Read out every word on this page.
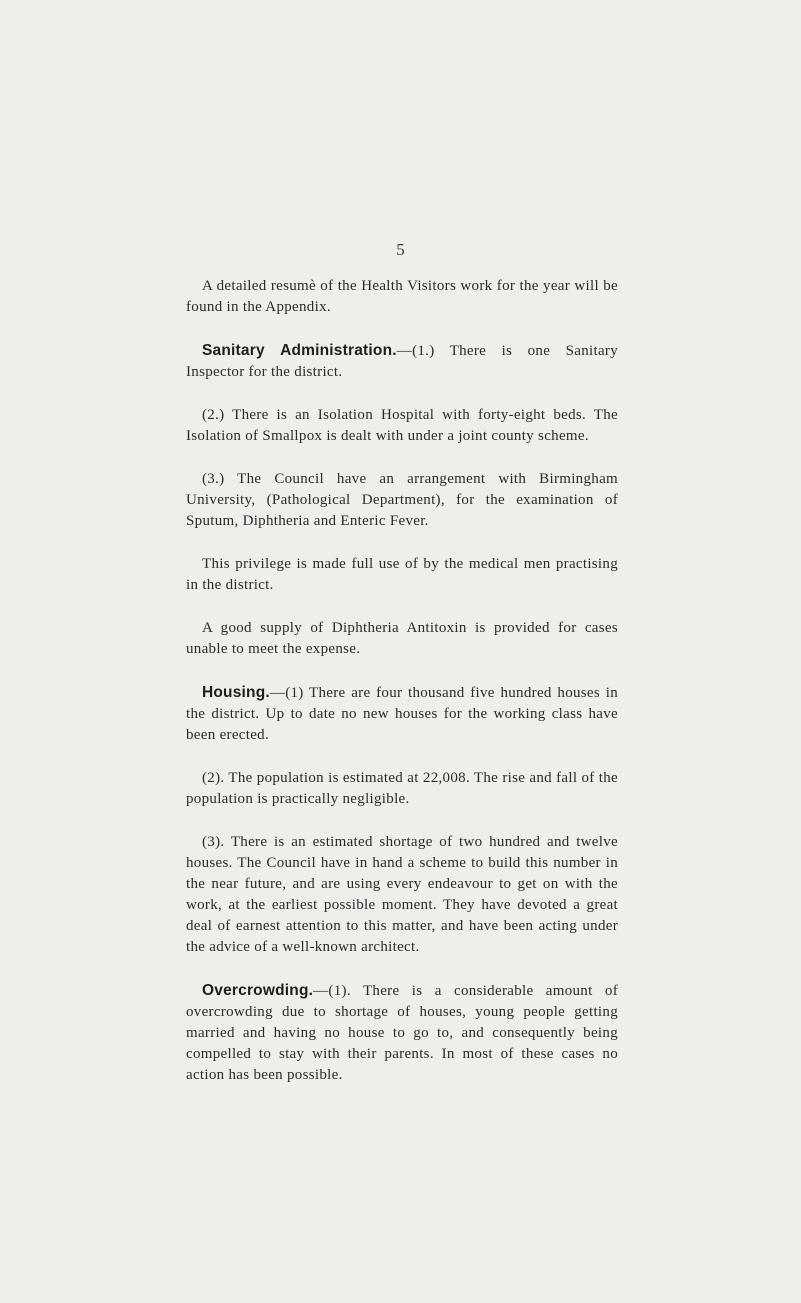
5

A detailed resumè of the Health Visitors work for the year will be found in the Appendix.

Sanitary Administration.—(1.) There is one Sanitary Inspector for the district.

(2.) There is an Isolation Hospital with forty-eight beds. The Isolation of Smallpox is dealt with under a joint county scheme.

(3.) The Council have an arrangement with Birmingham University, (Pathological Department), for the examination of Sputum, Diphtheria and Enteric Fever.

This privilege is made full use of by the medical men practising in the district.

A good supply of Diphtheria Antitoxin is provided for cases unable to meet the expense.

Housing.—(1) There are four thousand five hundred houses in the district. Up to date no new houses for the working class have been erected.

(2). The population is estimated at 22,008. The rise and fall of the population is practically negligible.

(3). There is an estimated shortage of two hundred and twelve houses. The Council have in hand a scheme to build this number in the near future, and are using every endeavour to get on with the work, at the earliest possible moment. They have devoted a great deal of earnest attention to this matter, and have been acting under the advice of a well-known architect.

Overcrowding.—(1). There is a considerable amount of overcrowding due to shortage of houses, young people getting married and having no house to go to, and consequently being compelled to stay with their parents. In most of these cases no action has been possible.
